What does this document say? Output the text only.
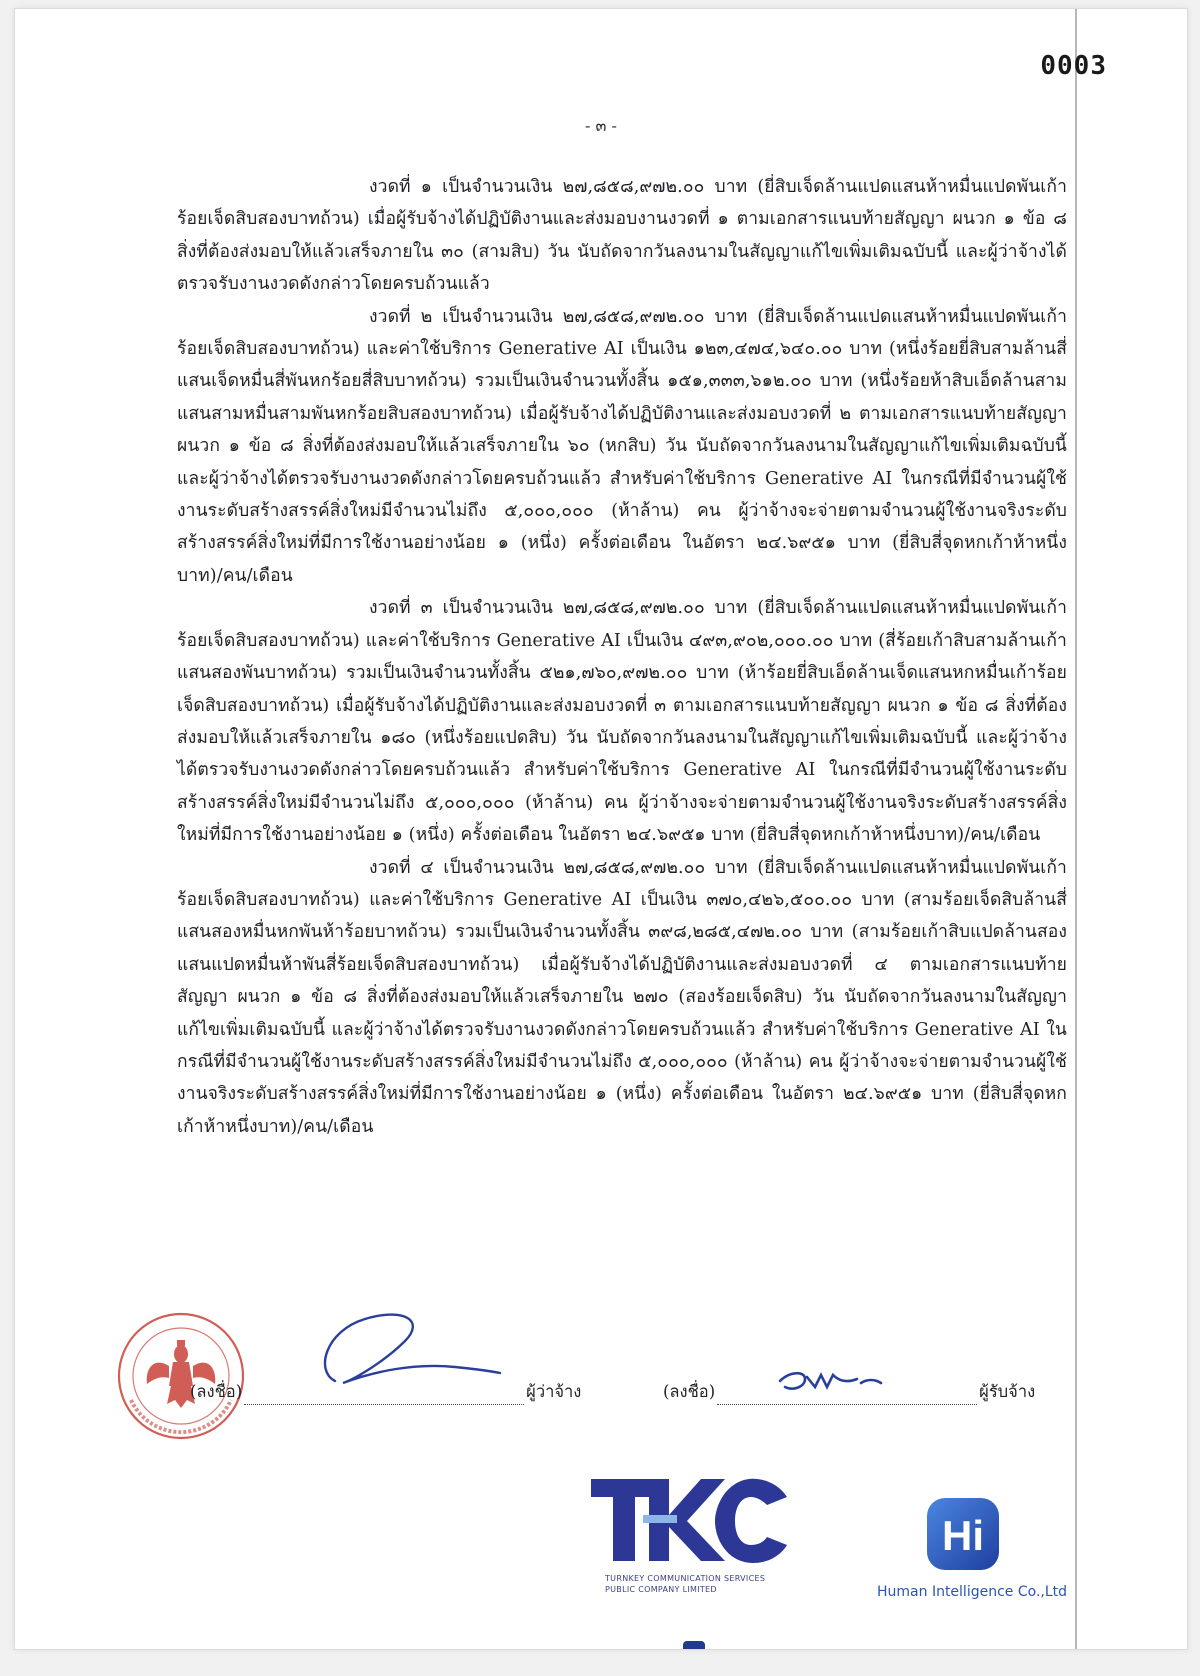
0003
- ๓ -

งวดที่ ๑ เป็นจำนวนเงิน ๒๗,๘๕๘,๙๗๒.๐๐ บาท (ยี่สิบเจ็ดล้านแปดแสนห้าหมื่นแปดพันเก้าร้อยเจ็ดสิบสองบาทถ้วน) เมื่อผู้รับจ้างได้ปฏิบัติงานและส่งมอบงานงวดที่ ๑ ตามเอกสารแนบท้ายสัญญา ผนวก ๑ ข้อ ๘ สิ่งที่ต้องส่งมอบให้แล้วเสร็จภายใน ๓๐ (สามสิบ) วัน นับถัดจากวันลงนามในสัญญาแก้ไขเพิ่มเติมฉบับนี้ และผู้ว่าจ้างได้ตรวจรับงานงวดดังกล่าวโดยครบถ้วนแล้ว

งวดที่ ๒ เป็นจำนวนเงิน ๒๗,๘๕๘,๙๗๒.๐๐ บาท (ยี่สิบเจ็ดล้านแปดแสนห้าหมื่นแปดพันเก้าร้อยเจ็ดสิบสองบาทถ้วน) และค่าใช้บริการ Generative AI เป็นเงิน ๑๒๓,๔๗๔,๖๔๐.๐๐ บาท (หนึ่งร้อยยี่สิบสามล้านสี่แสนเจ็ดหมื่นสี่พันหกร้อยสี่สิบบาทถ้วน) รวมเป็นเงินจำนวนทั้งสิ้น ๑๕๑,๓๓๓,๖๑๒.๐๐ บาท (หนึ่งร้อยห้าสิบเอ็ดล้านสามแสนสามหมื่นสามพันหกร้อยสิบสองบาทถ้วน) เมื่อผู้รับจ้างได้ปฏิบัติงานและส่งมอบงวดที่ ๒ ตามเอกสารแนบท้ายสัญญา ผนวก ๑ ข้อ ๘ สิ่งที่ต้องส่งมอบให้แล้วเสร็จภายใน ๖๐ (หกสิบ) วัน นับถัดจากวันลงนามในสัญญาแก้ไขเพิ่มเติมฉบับนี้ และผู้ว่าจ้างได้ตรวจรับงานงวดดังกล่าวโดยครบถ้วนแล้ว สำหรับค่าใช้บริการ Generative AI ในกรณีที่มีจำนวนผู้ใช้งานระดับสร้างสรรค์สิ่งใหม่มีจำนวนไม่ถึง ๕,๐๐๐,๐๐๐ (ห้าล้าน) คน ผู้ว่าจ้างจะจ่ายตามจำนวนผู้ใช้งานจริงระดับสร้างสรรค์สิ่งใหม่ที่มีการใช้งานอย่างน้อย ๑ (หนึ่ง) ครั้งต่อเดือน ในอัตรา ๒๔.๖๙๕๑ บาท (ยี่สิบสี่จุดหกเก้าห้าหนึ่งบาท)/คน/เดือน

งวดที่ ๓ เป็นจำนวนเงิน ๒๗,๘๕๘,๙๗๒.๐๐ บาท (ยี่สิบเจ็ดล้านแปดแสนห้าหมื่นแปดพันเก้าร้อยเจ็ดสิบสองบาทถ้วน) และค่าใช้บริการ Generative AI เป็นเงิน ๔๙๓,๙๐๒,๐๐๐.๐๐ บาท (สี่ร้อยเก้าสิบสามล้านเก้าแสนสองพันบาทถ้วน) รวมเป็นเงินจำนวนทั้งสิ้น ๕๒๑,๗๖๐,๙๗๒.๐๐ บาท (ห้าร้อยยี่สิบเอ็ดล้านเจ็ดแสนหกหมื่นเก้าร้อยเจ็ดสิบสองบาทถ้วน) เมื่อผู้รับจ้างได้ปฏิบัติงานและส่งมอบงวดที่ ๓ ตามเอกสารแนบท้ายสัญญา ผนวก ๑ ข้อ ๘ สิ่งที่ต้องส่งมอบให้แล้วเสร็จภายใน ๑๘๐ (หนึ่งร้อยแปดสิบ) วัน นับถัดจากวันลงนามในสัญญาแก้ไขเพิ่มเติมฉบับนี้ และผู้ว่าจ้างได้ตรวจรับงานงวดดังกล่าวโดยครบถ้วนแล้ว สำหรับค่าใช้บริการ Generative AI ในกรณีที่มีจำนวนผู้ใช้งานระดับสร้างสรรค์สิ่งใหม่มีจำนวนไม่ถึง ๕,๐๐๐,๐๐๐ (ห้าล้าน) คน ผู้ว่าจ้างจะจ่ายตามจำนวนผู้ใช้งานจริงระดับสร้างสรรค์สิ่งใหม่ที่มีการใช้งานอย่างน้อย ๑ (หนึ่ง) ครั้งต่อเดือน ในอัตรา ๒๔.๖๙๕๑ บาท (ยี่สิบสี่จุดหกเก้าห้าหนึ่งบาท)/คน/เดือน

งวดที่ ๔ เป็นจำนวนเงิน ๒๗,๘๕๘,๙๗๒.๐๐ บาท (ยี่สิบเจ็ดล้านแปดแสนห้าหมื่นแปดพันเก้าร้อยเจ็ดสิบสองบาทถ้วน) และค่าใช้บริการ Generative AI เป็นเงิน ๓๗๐,๔๒๖,๕๐๐.๐๐ บาท (สามร้อยเจ็ดสิบล้านสี่แสนสองหมื่นหกพันห้าร้อยบาทถ้วน) รวมเป็นเงินจำนวนทั้งสิ้น ๓๙๘,๒๘๕,๔๗๒.๐๐ บาท (สามร้อยเก้าสิบแปดล้านสองแสนแปดหมื่นห้าพันสี่ร้อยเจ็ดสิบสองบาทถ้วน) เมื่อผู้รับจ้างได้ปฏิบัติงานและส่งมอบงวดที่ ๔ ตามเอกสารแนบท้ายสัญญา ผนวก ๑ ข้อ ๘ สิ่งที่ต้องส่งมอบให้แล้วเสร็จภายใน ๒๗๐ (สองร้อยเจ็ดสิบ) วัน นับถัดจากวันลงนามในสัญญาแก้ไขเพิ่มเติมฉบับนี้ และผู้ว่าจ้างได้ตรวจรับงานงวดดังกล่าวโดยครบถ้วนแล้ว สำหรับค่าใช้บริการ Generative AI ในกรณีที่มีจำนวนผู้ใช้งานระดับสร้างสรรค์สิ่งใหม่มีจำนวนไม่ถึง ๕,๐๐๐,๐๐๐ (ห้าล้าน) คน ผู้ว่าจ้างจะจ่ายตามจำนวนผู้ใช้งานจริงระดับสร้างสรรค์สิ่งใหม่ที่มีการใช้งานอย่างน้อย ๑ (หนึ่ง) ครั้งต่อเดือน ในอัตรา ๒๔.๖๙๕๑ บาท (ยี่สิบสี่จุดหกเก้าห้าหนึ่งบาท)/คน/เดือน

(ลงชื่อ)	ผู้ว่าจ้าง	(ลงชื่อ)	ผู้รับจ้าง
TURNKEY COMMUNICATION SERVICES
PUBLIC COMPANY LIMITED
Hi
Human Intelligence Co.,Ltd
